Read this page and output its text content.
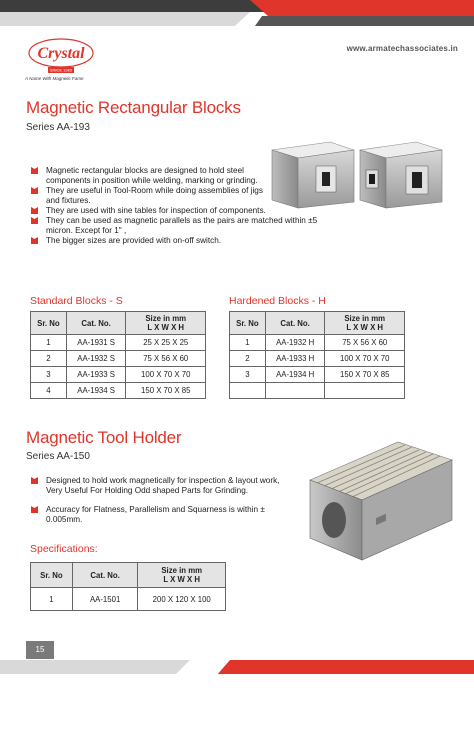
www.armatechassociates.in
Crystal
SINCE 1985
A Name With Magnetic Fame
Magnetic Rectangular Blocks
Series AA-193
Magnetic rectangular blocks are designed to hold steel components in position while welding, marking or grinding.
They are useful in Tool-Room while doing assemblies of jigs and fixtures.
They are used with sine tables for inspection of components.
They can be used as magnetic parallels as the pairs are matched within ±5 micron. Except for 1" ,
The bigger sizes are provided with on-off switch.
Standard Blocks - S	Hardened Blocks - H
Sr. No	Cat. No.	Size in mm
L X W X H

1	AA-1931 S	25 X 25 X 25
2	AA-1932 S	75 X 56 X 60
3	AA-1933 S	100 X 70 X 70
4	AA-1934 S	150 X 70 X 85
Sr. No	Cat. No.	Size in mm
L X W X H

1	AA-1932 H	75 X 56 X 60
2	AA-1933 H	100 X 70 X 70
3	AA-1934 H	150 X 70 X 85

Magnetic Tool Holder
Series AA-150
Designed to hold work magnetically for inspection & layout work, Very Useful For Holding Odd shaped Parts for Grinding.
Accuracy for Flatness, Parallelism and Squarness is within ± 0.005mm.
Specifications:
Sr. No	Cat. No.	Size in mm
L X W X H

1	AA-1501	200 X 120 X 100
15
